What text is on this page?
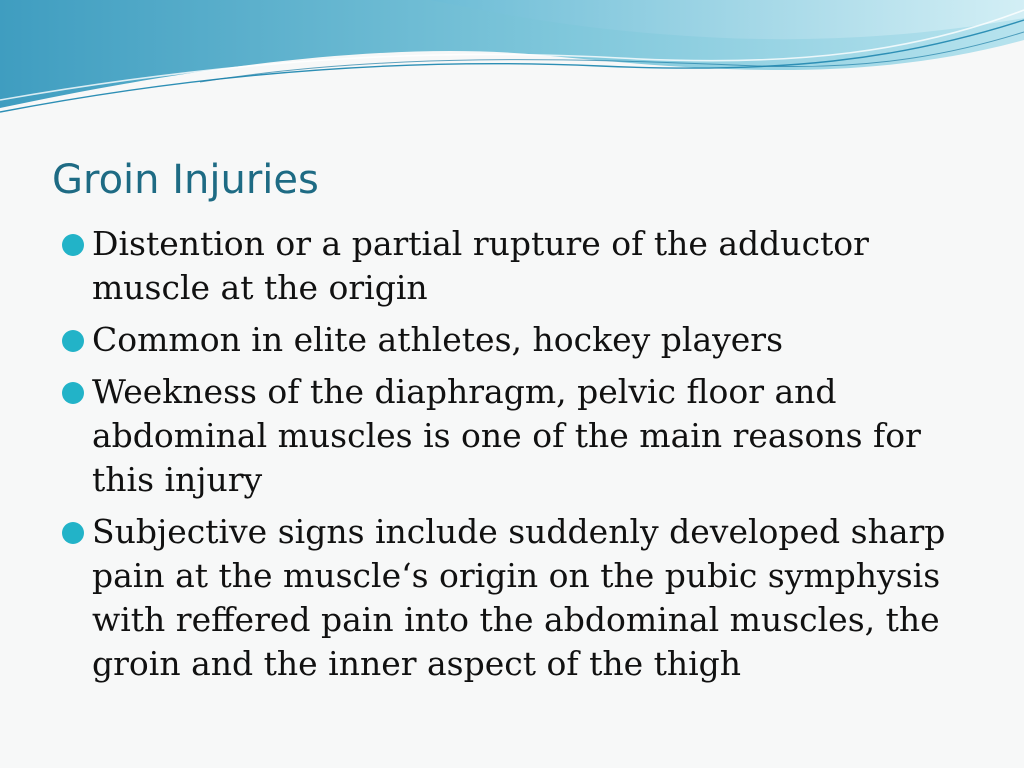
Groin Injuries
Distention or a partial rupture of the adductor muscle at the origin
Common in elite athletes, hockey players
Weekness of the diaphragm, pelvic floor and abdominal muscles is one of the main reasons for this injury
Subjective signs include suddenly developed sharp pain at the muscle‘s origin on the pubic symphysis with reffered pain into the abdominal muscles, the groin and the inner aspect of the thigh
